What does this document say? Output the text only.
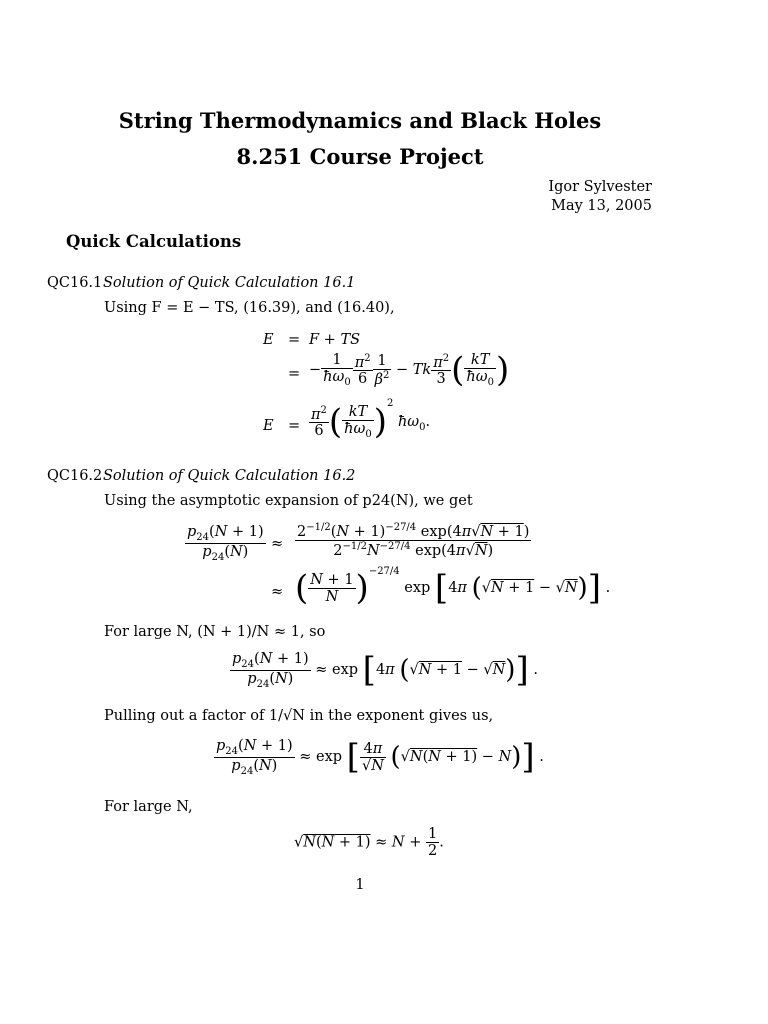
String Thermodynamics and Black Holes
8.251 Course Project
Igor Sylvester
May 13, 2005
Quick Calculations
QC16.1Solution of Quick Calculation 16.1
Using F = E − TS, (16.39), and (16.40),
E = F + TS
= − $\frac{1}{ħ\omega_0} \frac{\pi^2}{6} \frac{1}{\beta^2} - Tk \frac{\pi^2}{3}$ ( $\frac{kT}{ħ\omega_0}$ )
$E = \frac{\pi^2}{6}$ ( $\frac{kT}{ħ\omega_0} )^2$ $ħ\omega_0$.
QC16.2Solution of Quick Calculation 16.2
Using the asymptotic expansion of p24(N), we get
$\frac{p_{24}(N + 1)}{p_{24}(N)} \approx \frac{2^{-1/2}(N + 1)^{-27/4} \exp(4\pi√N + 1)}{2^{-1/2}N^{-27/4} \exp(4\pi√N)}$
≈ ( $\frac{N + 1}{N} )^{-27/4}$ exp [4π (√N + 1 − √N)] .
For large N, (N + 1)/N ≈ 1, so
$\frac{p_{24}(N + 1)}{p_{24}(N)} \approx \exp [4\pi$ (√N + 1 − √N)] .
Pulling out a factor of 1/√N in the exponent gives us,
$\frac{p_{24}(N + 1)}{p_{24}(N)} \approx \exp$ [ $\frac{4\pi}{√N} (√N(N + 1) - N)$] .
For large N,
$√N(N + 1) \approx N + \frac{1}{2}$ .
1
